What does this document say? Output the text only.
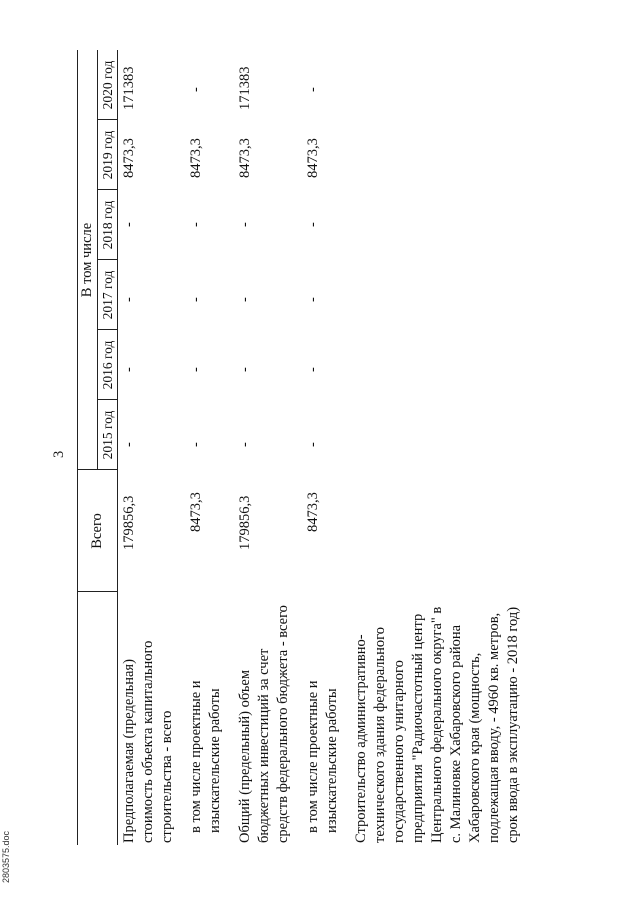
3
Всего
В том числе
2015 год
2016 год
2017 год
2018 год
2019 год
2020 год
Предполагаемая (предельная)
стоимость объекта капитального
строительства - всего
179856,3
-
-
-
-
8473,3
171383
в том числе проектные и
изыскательские работы
8473,3
-
-
-
-
8473,3
-
Общий (предельный) объем
бюджетных инвестиций за счет
средств федерального бюджета - всего
179856,3
-
-
-
-
8473,3
171383
в том числе проектные и
изыскательские работы
8473,3
-
-
-
-
8473,3
-
Строительство административно-
технического здания федерального
государственного унитарного
предприятия "Радиочастотный центр
Центрального федерального округа" в
с. Малиновке Хабаровского района
Хабаровского края (мощность,
подлежащая вводу, - 4960 кв. метров,
срок ввода в эксплуатацию - 2018 год)
2803575.doc
